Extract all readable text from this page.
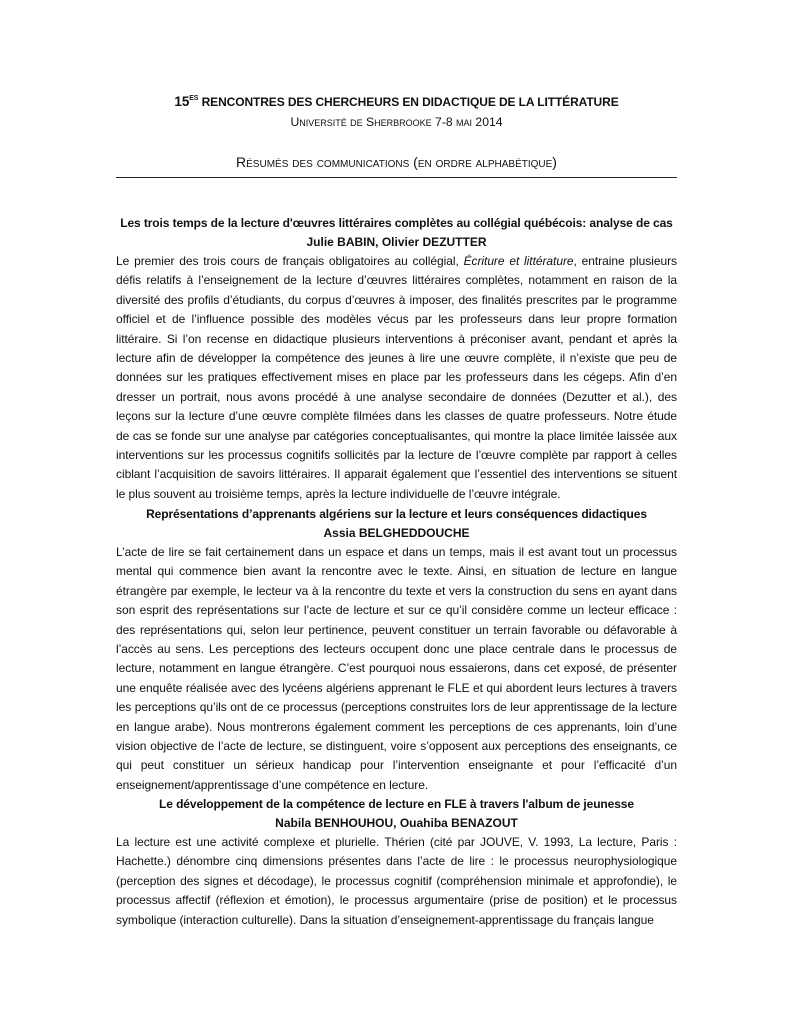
$15^{ES}$ RENCONTRES DES CHERCHEURS EN DIDACTIQUE DE LA LITTÉRATURE
Université de Sherbrooke 7-8 mai 2014
Résumés des communications (en ordre alphabétique)
Les trois temps de la lecture d'œuvres littéraires complètes au collégial québécois: analyse de cas
Julie BABIN, Olivier DEZUTTER
Le premier des trois cours de français obligatoires au collégial, Écriture et littérature, entraine plusieurs défis relatifs à l’enseignement de la lecture d’œuvres littéraires complètes, notamment en raison de la diversité des profils d’étudiants, du corpus d’œuvres à imposer, des finalités prescrites par le programme officiel et de l’influence possible des modèles vécus par les professeurs dans leur propre formation littéraire. Si l’on recense en didactique plusieurs interventions à préconiser avant, pendant et après la lecture afin de développer la compétence des jeunes à lire une œuvre complète, il n’existe que peu de données sur les pratiques effectivement mises en place par les professeurs dans les cégeps. Afin d’en dresser un portrait, nous avons procédé à une analyse secondaire de données (Dezutter et al.), des leçons sur la lecture d’une œuvre complète filmées dans les classes de quatre professeurs. Notre étude de cas se fonde sur une analyse par catégories conceptualisantes, qui montre la place limitée laissée aux interventions sur les processus cognitifs sollicités par la lecture de l’œuvre complète par rapport à celles ciblant l’acquisition de savoirs littéraires. Il apparait également que l’essentiel des interventions se situent le plus souvent au troisième temps, après la lecture individuelle de l’œuvre intégrale.
Représentations d’apprenants algériens sur la lecture et leurs conséquences didactiques
Assia BELGHEDDOUCHE
L’acte de lire se fait certainement dans un espace et dans un temps, mais il est avant tout un processus mental qui commence bien avant la rencontre avec le texte. Ainsi, en situation de lecture en langue étrangère par exemple, le lecteur va à la rencontre du texte et vers la construction du sens en ayant dans son esprit des représentations sur l’acte de lecture et sur ce qu’il considère comme un lecteur efficace : des représentations qui, selon leur pertinence, peuvent constituer un terrain favorable ou défavorable à l’accès au sens. Les perceptions des lecteurs occupent donc une place centrale dans le processus de lecture, notamment en langue étrangère. C’est pourquoi nous essaierons, dans cet exposé, de présenter une enquête réalisée avec des lycéens algériens apprenant le FLE et qui abordent leurs lectures à travers les perceptions qu’ils ont de ce processus (perceptions construites lors de leur apprentissage de la lecture en langue arabe). Nous montrerons également comment les perceptions de ces apprenants, loin d’une vision objective de l’acte de lecture, se distinguent, voire s’opposent aux perceptions des enseignants, ce qui peut constituer un sérieux handicap pour l’intervention enseignante et pour l’efficacité d’un enseignement/apprentissage d’une compétence en lecture.
Le développement de la compétence de lecture en FLE à travers l'album de jeunesse
Nabila BENHOUHOU, Ouahiba BENAZOUT
La lecture est une activité complexe et plurielle. Thérien (cité par JOUVE, V. 1993, La lecture, Paris : Hachette.) dénombre cinq dimensions présentes dans l’acte de lire : le processus neurophysiologique (perception des signes et décodage), le processus cognitif (compréhension minimale et approfondie), le processus affectif (réflexion et émotion), le processus argumentaire (prise de position) et le processus symbolique (interaction culturelle). Dans la situation d’enseignement-apprentissage du français langue
